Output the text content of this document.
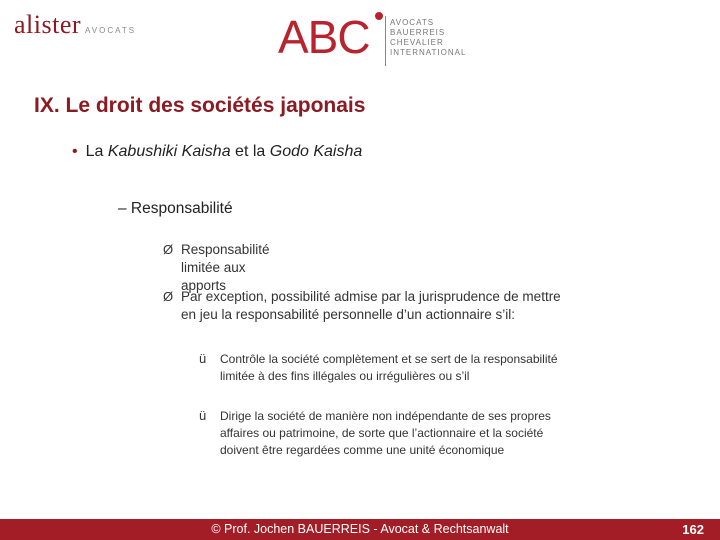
alister AVOCATS	ABC	AVOCATS
BAUERREIS
CHEVALIER
INTERNATIONAL
IX. Le droit des sociétés japonais
• La Kabushiki Kaisha et la Godo Kaisha
– Responsabilité
Ø Responsabilité limitée aux apports
Ø Par exception, possibilité admise par la jurisprudence de mettre
en jeu la responsabilité personnelle d’un actionnaire s’il:
ü Contrôle la société complètement et se sert de la responsabilité
limitée à des fins illégales ou irrégulières ou s’il
ü Dirige la société de manière non indépendante de ses propres
affaires ou patrimoine, de sorte que l’actionnaire et la société
doivent être regardées comme une unité économique
© Prof. Jochen BAUERREIS - Avocat & Rechtsanwalt	162
